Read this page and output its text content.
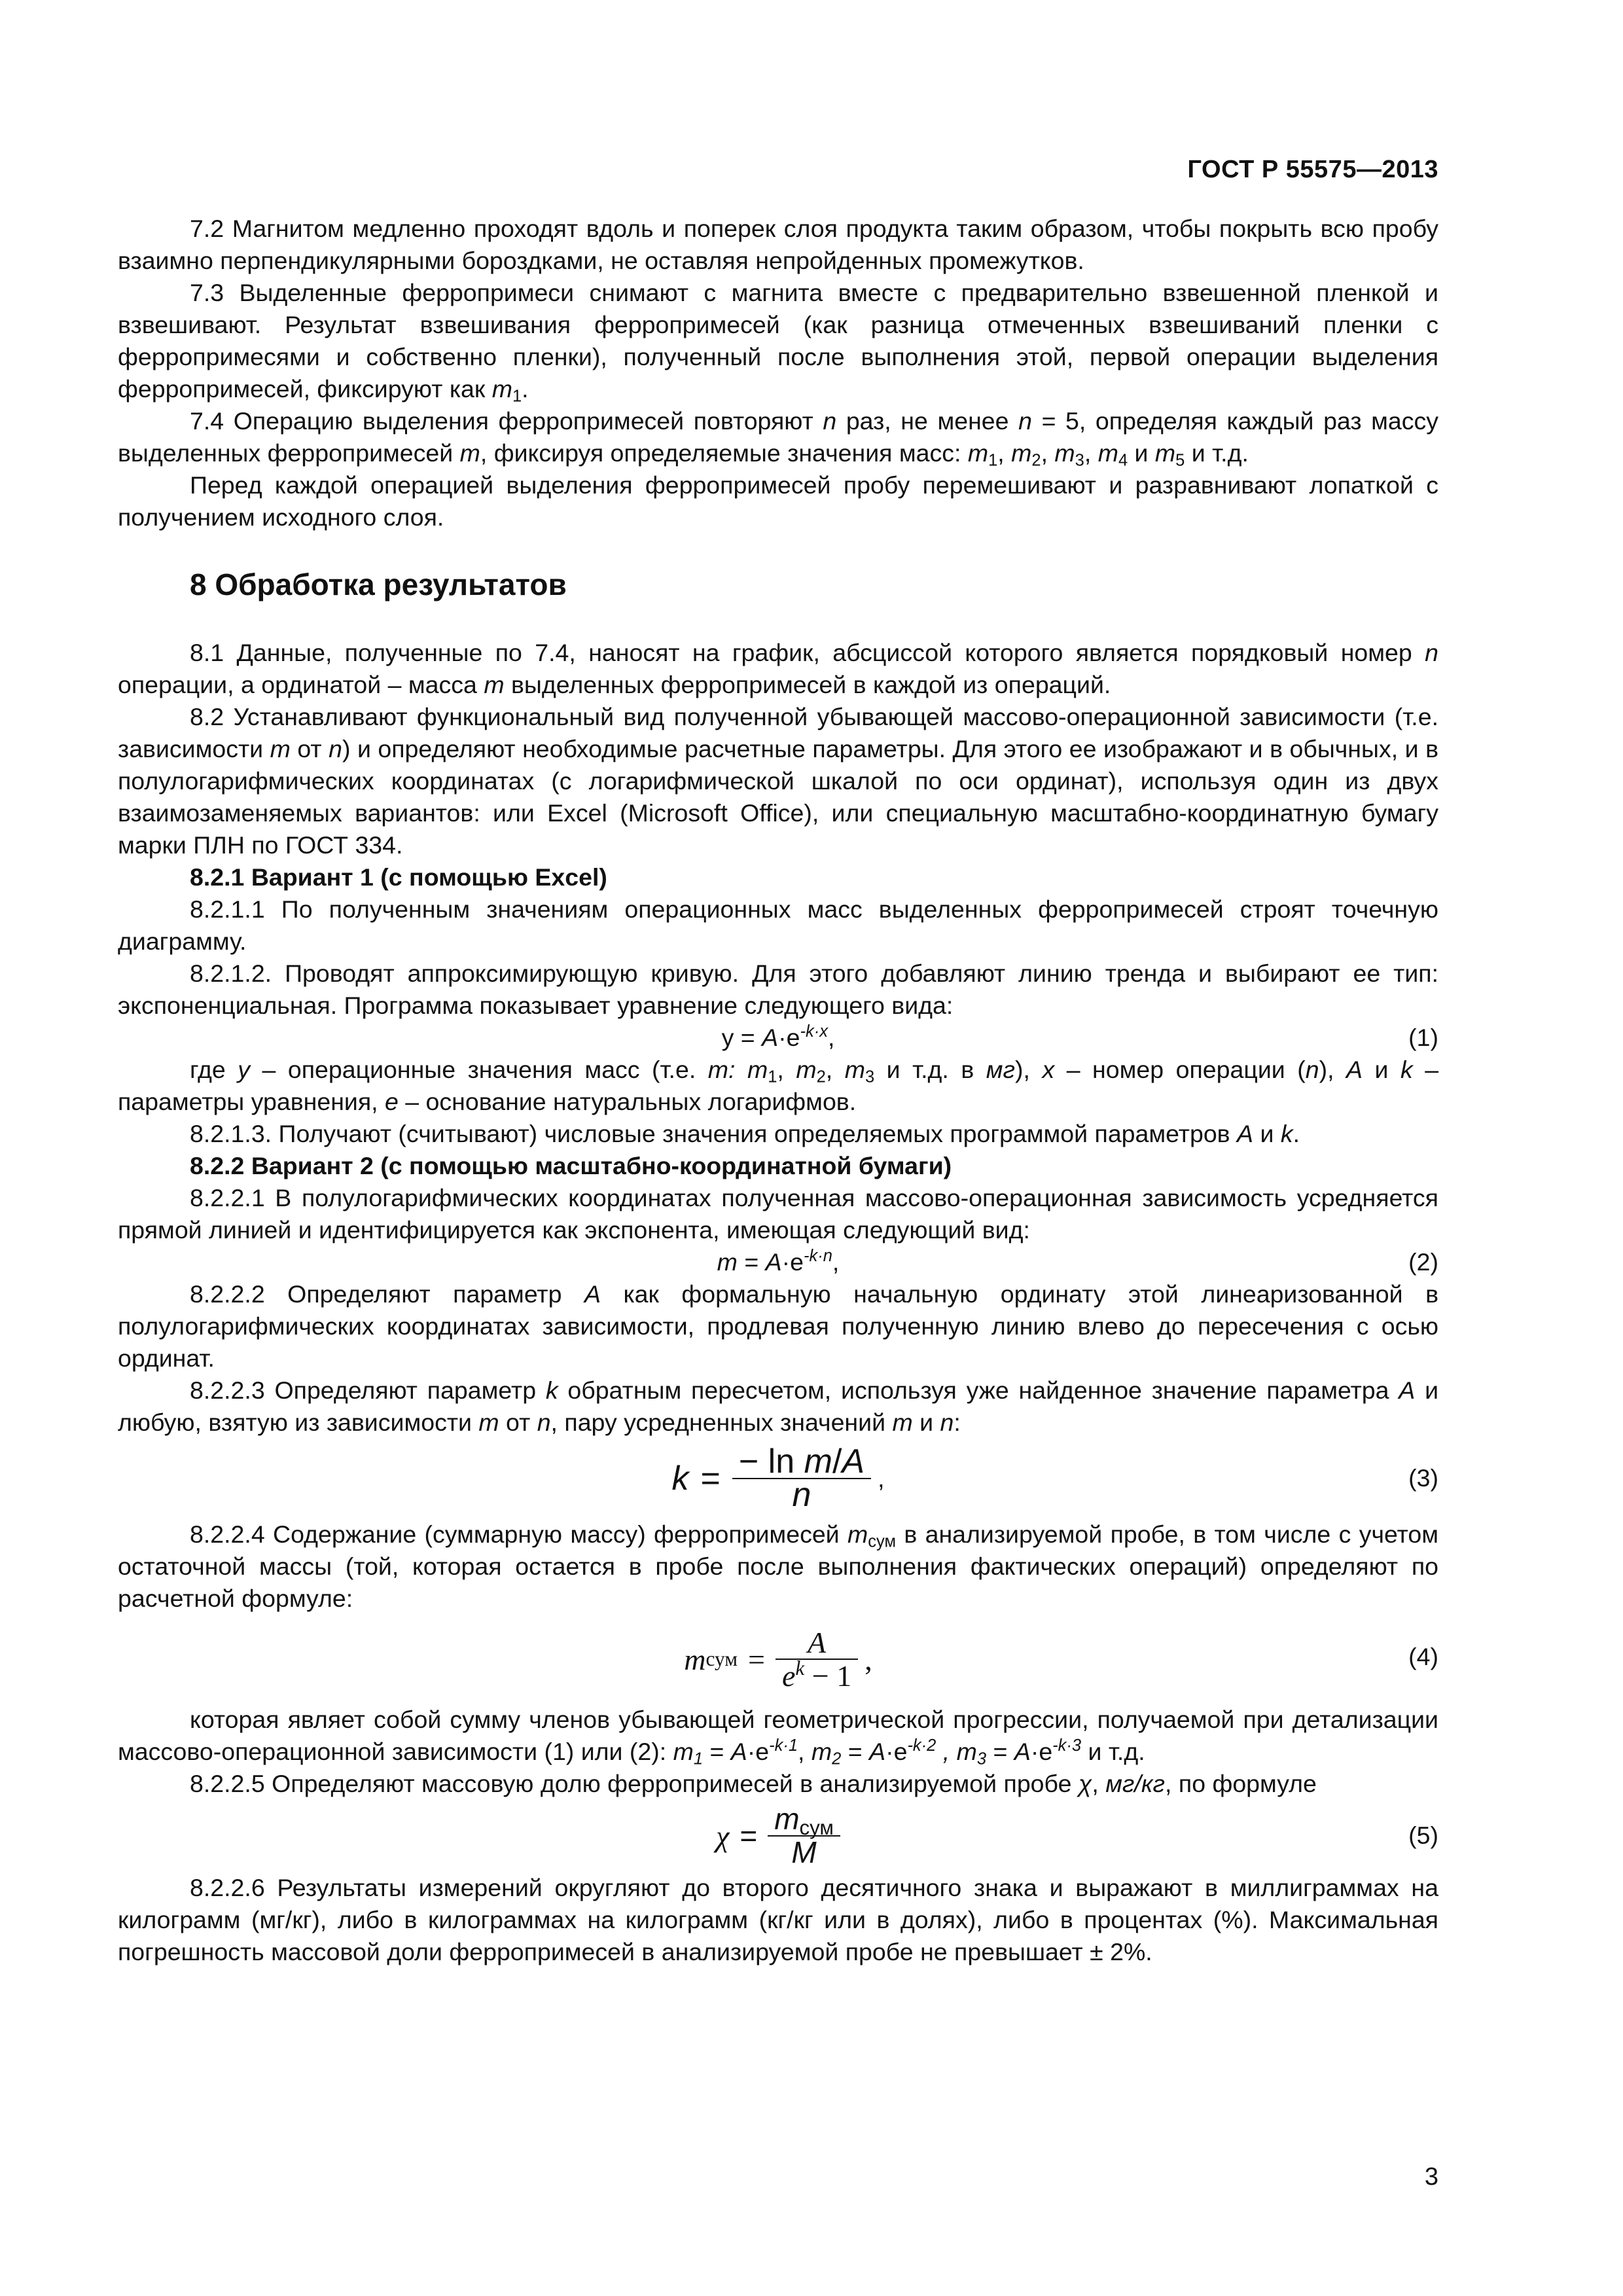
ГОСТ Р 55575—2013

7.2 Магнитом медленно проходят вдоль и поперек слоя продукта таким образом, чтобы покрыть всю пробу взаимно перпендикулярными бороздками, не оставляя непройденных промежутков.

7.3 Выделенные ферропримеси снимают с магнита вместе с предварительно взвешенной пленкой и взвешивают. Результат взвешивания ферропримесей (как разница отмеченных взвешиваний пленки с ферропримесями и собственно пленки), полученный после выполнения этой, первой операции выделения ферропримесей, фиксируют как $m_1$.

7.4 Операцию выделения ферропримесей повторяют n раз, не менее n = 5, определяя каждый раз массу выделенных ферропримесей m, фиксируя определяемые значения масс: $m_1$, $m_2$, $m_3$, $m_4$ и $m_5$ и т.д.

Перед каждой операцией выделения ферропримесей пробу перемешивают и разравнивают лопаткой с получением исходного слоя.

8 Обработка результатов

8.1 Данные, полученные по 7.4, наносят на график, абсциссой которого является порядковый номер n операции, а ординатой – масса m выделенных ферропримесей в каждой из операций.

8.2 Устанавливают функциональный вид полученной убывающей массово-операционной зависимости (т.е. зависимости m от n) и определяют необходимые расчетные параметры. Для этого ее изображают и в обычных, и в полулогарифмических координатах (с логарифмической шкалой по оси ординат), используя один из двух взаимозаменяемых вариантов: или Excel (Microsoft Office), или специальную масштабно-координатную бумагу марки ПЛН по ГОСТ 334.

8.2.1 Вариант 1 (с помощью Excel)

8.2.1.1 По полученным значениям операционных масс выделенных ферропримесей строят точечную диаграмму.

8.2.1.2. Проводят аппроксимирующую кривую. Для этого добавляют линию тренда и выбирают ее тип: экспоненциальная. Программа показывает уравнение следующего вида:

$y = A\cdot e^{-k\cdot x}$,	(1)

где y – операционные значения масс (т.е. m: $m_1$, $m_2$, $m_3$ и т.д. в мг), x – номер операции (n), A и k – параметры уравнения, e – основание натуральных логарифмов.

8.2.1.3. Получают (считывают) числовые значения определяемых программой параметров A и k.

8.2.2 Вариант 2 (с помощью масштабно-координатной бумаги)

8.2.2.1 В полулогарифмических координатах полученная массово-операционная зависимость усредняется прямой линией и идентифицируется как экспонента, имеющая следующий вид:

$m = A\cdot e^{-k\cdot n}$,	(2)

8.2.2.2 Определяют параметр A как формальную начальную ординату этой линеаризованной в полулогарифмических координатах зависимости, продлевая полученную линию влево до пересечения с осью ординат.

8.2.2.3 Определяют параметр k обратным пересчетом, используя уже найденное значение параметра A и любую, взятую из зависимости m от n, пару усредненных значений m и n:

$k = \frac{\text{− ln m/A}}{n}$ ,	(3)

8.2.2.4 Содержание (суммарную массу) ферропримесей $m_{сум}$ в анализируемой пробе, в том числе с учетом остаточной массы (той, которая остается в пробе после выполнения фактических операций) определяют по расчетной формуле:

m сум = $\frac{A}{e^k - 1}$ ,	(4)

которая являет собой сумму членов убывающей геометрической прогрессии, получаемой при детализации массово-операционной зависимости (1) или (2): $m_1 = A\cdot e^{-k\cdot 1}$, $m_2 = A\cdot e^{-k\cdot 2}$ , $m_3 = A\cdot e^{-k\cdot 3}$ и т.д.

8.2.2.5 Определяют массовую долю ферропримесей в анализируемой пробе χ, мг/кг, по формуле

$\chi = \frac{m_{сум}}{M}$	(5)

8.2.2.6 Результаты измерений округляют до второго десятичного знака и выражают в миллиграммах на килограмм (мг/кг), либо в килограммах на килограмм (кг/кг или в долях), либо в процентах (%). Максимальная погрешность массовой доли ферропримесей в анализируемой пробе не превышает ± 2%.

3
